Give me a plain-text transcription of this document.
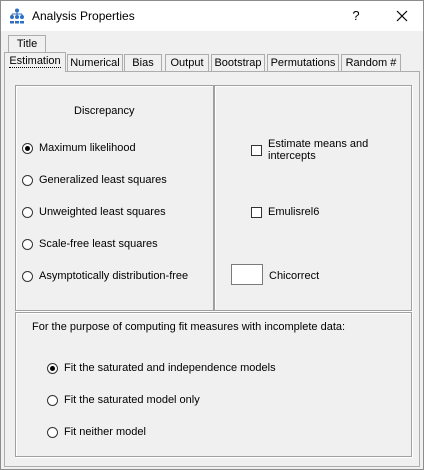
Analysis Properties	?
Title
Estimation Numerical	Bias	Output Bootstrap Permutations Random #
Discrepancy
Maximum likelihood
Generalized least squares
Unweighted least squares
Scale-free least squares
Asymptotically distribution-free
Estimate means and
intercepts
Emulisrel6
Chicorrect
For the purpose of computing fit measures with incomplete data:
Fit the saturated and independence models
Fit the saturated model only
Fit neither model
